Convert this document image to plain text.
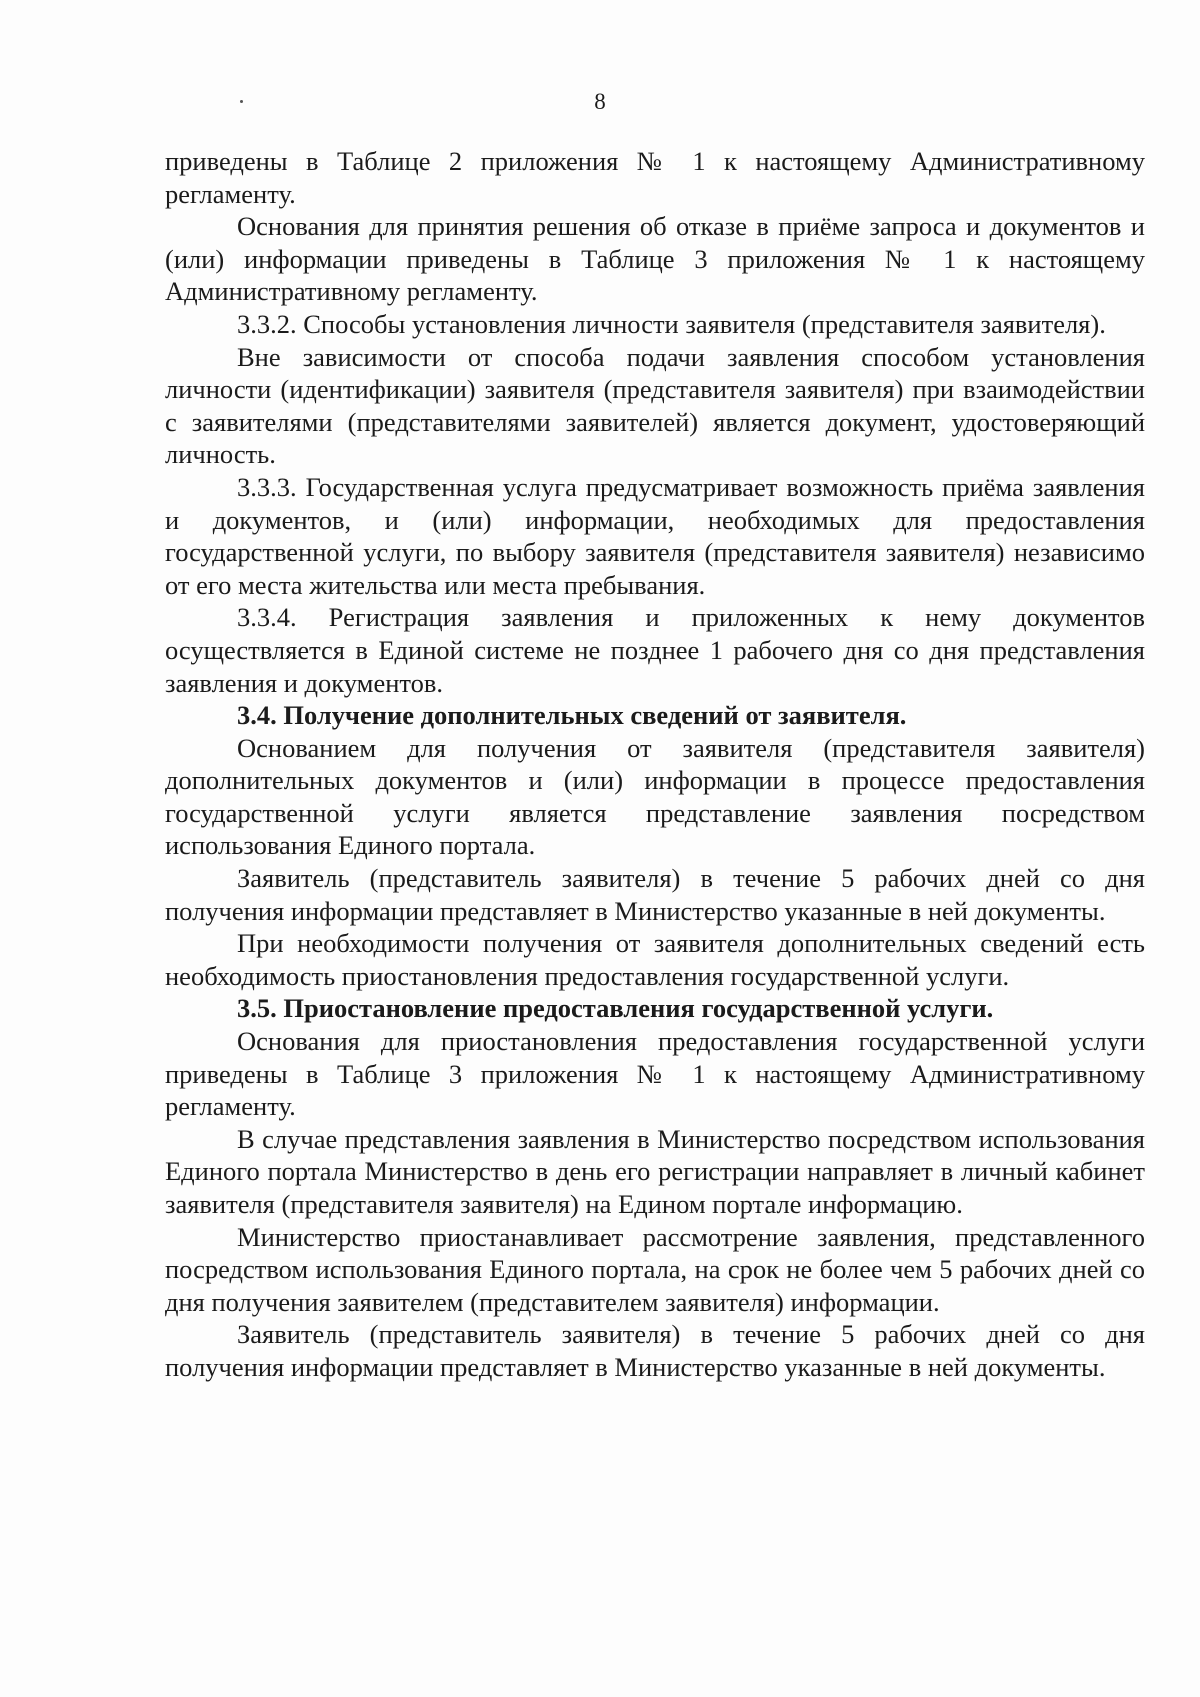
8

приведены в Таблице 2 приложения № 1 к настоящему Административному регламенту.

Основания для принятия решения об отказе в приёме запроса и документов и (или) информации приведены в Таблице 3 приложения № 1 к настоящему Административному регламенту.

3.3.2. Способы установления личности заявителя (представителя заявителя).

Вне зависимости от способа подачи заявления способом установления личности (идентификации) заявителя (представителя заявителя) при взаимодействии с заявителями (представителями заявителей) является документ, удостоверяющий личность.

3.3.3. Государственная услуга предусматривает возможность приёма заявления и документов, и (или) информации, необходимых для предоставления государственной услуги, по выбору заявителя (представителя заявителя) независимо от его места жительства или места пребывания.

3.3.4. Регистрация заявления и приложенных к нему документов осуществляется в Единой системе не позднее 1 рабочего дня со дня представления заявления и документов.

3.4. Получение дополнительных сведений от заявителя.

Основанием для получения от заявителя (представителя заявителя) дополнительных документов и (или) информации в процессе предоставления государственной услуги является представление заявления посредством использования Единого портала.

Заявитель (представитель заявителя) в течение 5 рабочих дней со дня получения информации представляет в Министерство указанные в ней документы.

При необходимости получения от заявителя дополнительных сведений есть необходимость приостановления предоставления государственной услуги.

3.5. Приостановление предоставления государственной услуги.

Основания для приостановления предоставления государственной услуги приведены в Таблице 3 приложения № 1 к настоящему Административному регламенту.

В случае представления заявления в Министерство посредством использования Единого портала Министерство в день его регистрации направляет в личный кабинет заявителя (представителя заявителя) на Едином портале информацию.

Министерство приостанавливает рассмотрение заявления, представленного посредством использования Единого портала, на срок не более чем 5 рабочих дней со дня получения заявителем (представителем заявителя) информации.

Заявитель (представитель заявителя) в течение 5 рабочих дней со дня получения информации представляет в Министерство указанные в ней документы.
